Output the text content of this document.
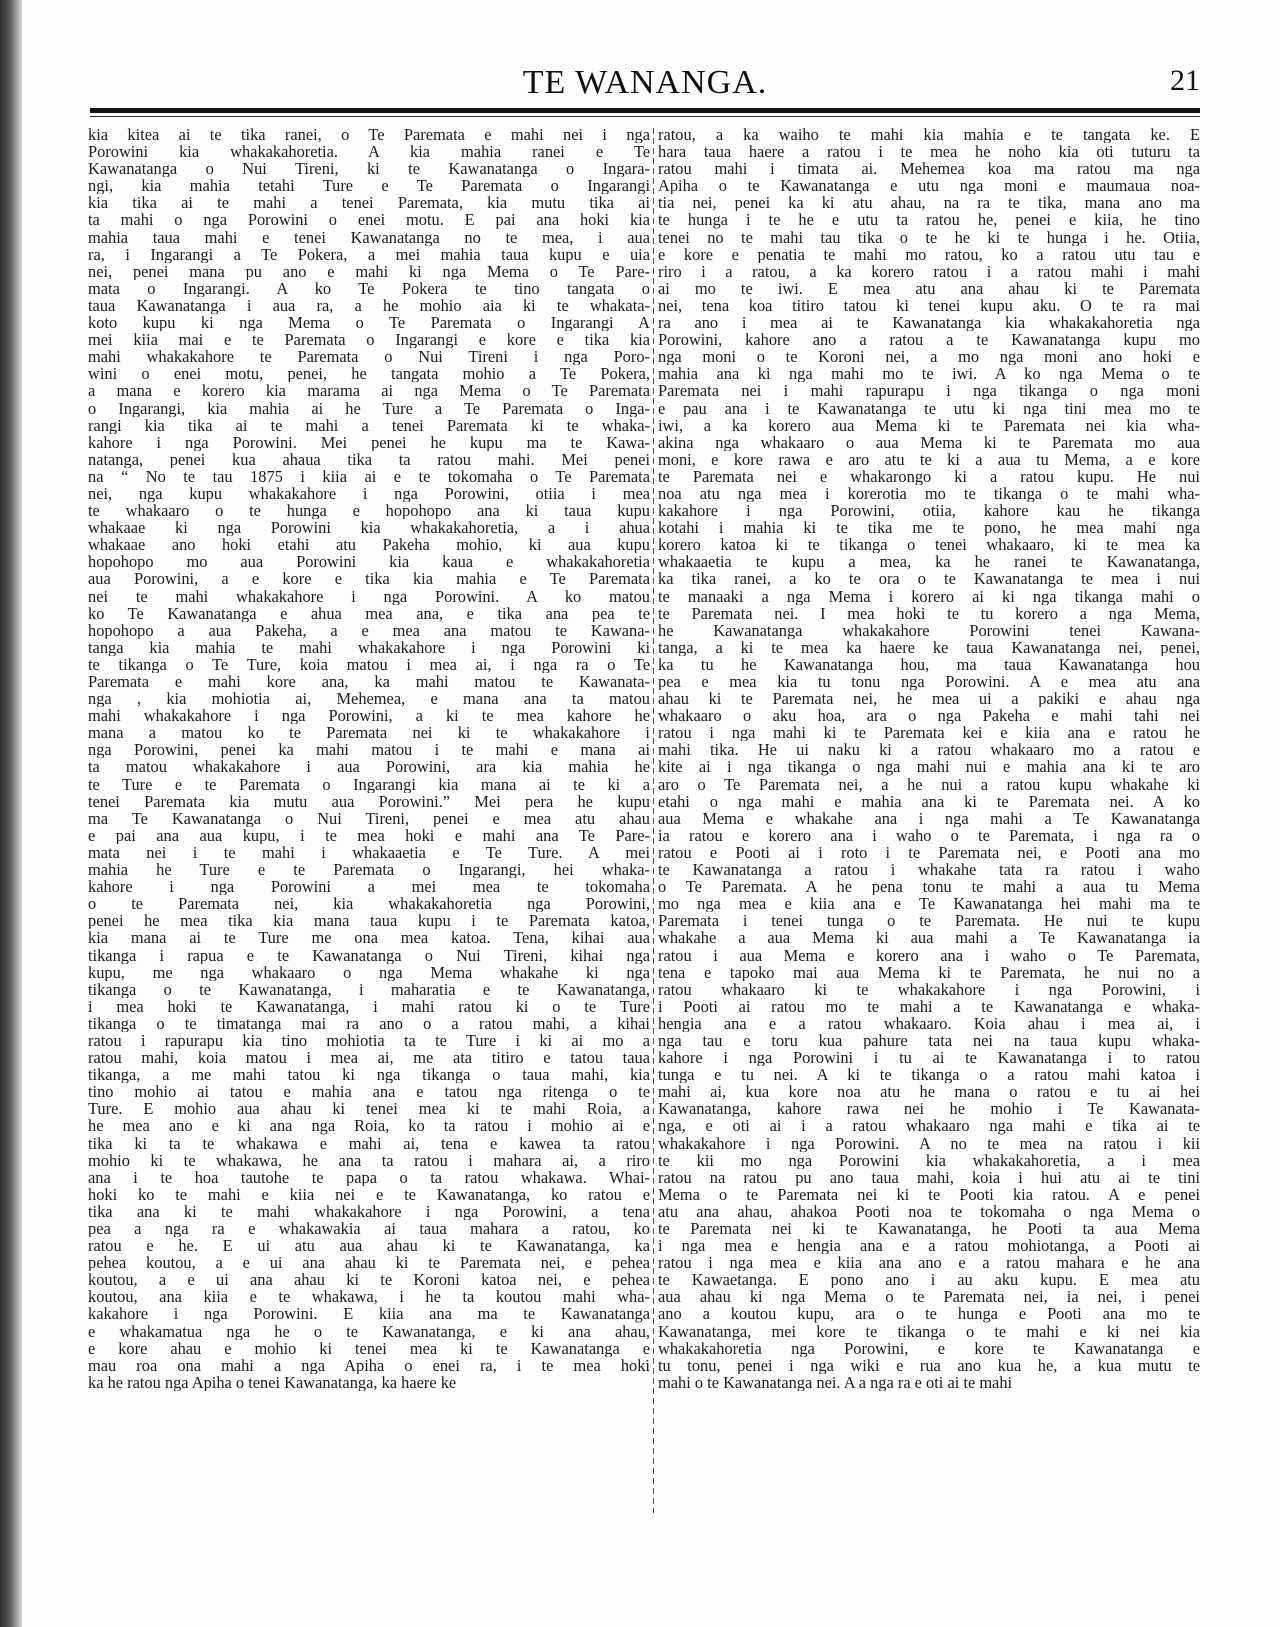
TE WANANGA.	21
kia kitea ai te tika ranei, o Te Paremata e mahi nei i nga
Porowini kia whakakahoretia. A kia mahia ranei e Te
Kawanatanga o Nui Tireni, ki te Kawanatanga o Ingara-
ngi, kia mahia tetahi Ture e Te Paremata o Ingarangi
kia tika ai te mahi a tenei Paremata, kia mutu tika ai
ta mahi o nga Porowini o enei motu. E pai ana hoki kia
mahia taua mahi e tenei Kawanatanga no te mea, i aua
ra, i Ingarangi a Te Pokera, a mei mahia taua kupu e uia
nei, penei mana pu ano e mahi ki nga Mema o Te Pare-
mata o Ingarangi. A ko Te Pokera te tino tangata o
taua Kawanatanga i aua ra, a he mohio aia ki te whakata-
koto kupu ki nga Mema o Te Paremata o Ingarangi A
mei kiia mai e te Paremata o Ingarangi e kore e tika kia
mahi whakakahore te Paremata o Nui Tireni i nga Poro-
wini o enei motu, penei, he tangata mohio a Te Pokera,
a mana e korero kia marama ai nga Mema o Te Paremata
o Ingarangi, kia mahia ai he Ture a Te Paremata o Inga-
rangi kia tika ai te mahi a tenei Paremata ki te whaka-
kahore i nga Porowini. Mei penei he kupu ma te Kawa-
natanga, penei kua ahaua tika ta ratou mahi. Mei penei
na “ No te tau 1875 i kiia ai e te tokomaha o Te Paremata
nei, nga kupu whakakahore i nga Porowini, otiia i mea
te whakaaro o te hunga e hopohopo ana ki taua kupu
whakaae ki nga Porowini kia whakakahoretia, a i ahua
whakaae ano hoki etahi atu Pakeha mohio, ki aua kupu
hopohopo mo aua Porowini kia kaua e whakakahoretia
aua Porowini, a e kore e tika kia mahia e Te Paremata
nei te mahi whakakahore i nga Porowini. A ko matou
ko Te Kawanatanga e ahua mea ana, e tika ana pea te
hopohopo a aua Pakeha, a e mea ana matou te Kawana-
tanga kia mahia te mahi whakakahore i nga Porowini ki
te tikanga o Te Ture, koia matou i mea ai, i nga ra o Te
Paremata e mahi kore ana, ka mahi matou te Kawanata-
nga , kia mohiotia ai, Mehemea, e mana ana ta matou
mahi whakakahore i nga Porowini, a ki te mea kahore he
mana a matou ko te Paremata nei ki te whakakahore i
nga Porowini, penei ka mahi matou i te mahi e mana ai
ta matou whakakahore i aua Porowini, ara kia mahia he
te Ture e te Paremata o Ingarangi kia mana ai te ki a
tenei Paremata kia mutu aua Porowini.” Mei pera he kupu
ma Te Kawanatanga o Nui Tireni, penei e mea atu ahau
e pai ana aua kupu, i te mea hoki e mahi ana Te Pare-
mata nei i te mahi i whakaaetia e Te Ture. A mei
mahia he Ture e te Paremata o Ingarangi, hei whaka-
kahore i nga Porowini a mei mea te tokomaha
o te Paremata nei, kia whakakahoretia nga Porowini,
penei he mea tika kia mana taua kupu i te Paremata katoa,
kia mana ai te Ture me ona mea katoa. Tena, kihai aua
tikanga i rapua e te Kawanatanga o Nui Tireni, kihai nga
kupu, me nga whakaaro o nga Mema whakahe ki nga
tikanga o te Kawanatanga, i maharatia e te Kawanatanga,
i mea hoki te Kawanatanga, i mahi ratou ki o te Ture
tikanga o te timatanga mai ra ano o a ratou mahi, a kihai
ratou i rapurapu kia tino mohiotia ta te Ture i ki ai mo a
ratou mahi, koia matou i mea ai, me ata titiro e tatou taua
tikanga, a me mahi tatou ki nga tikanga o taua mahi, kia
tino mohio ai tatou e mahia ana e tatou nga ritenga o te
Ture. E mohio aua ahau ki tenei mea ki te mahi Roia, a
he mea ano e ki ana nga Roia, ko ta ratou i mohio ai e
tika ki ta te whakawa e mahi ai, tena e kawea ta ratou
mohio ki te whakawa, he ana ta ratou i mahara ai, a riro
ana i te hoa tautohe te papa o ta ratou whakawa. Whai-
hoki ko te mahi e kiia nei e te Kawanatanga, ko ratou e
tika ana ki te mahi whakakahore i nga Porowini, a tena
pea a nga ra e whakawakia ai taua mahara a ratou, ko
ratou e he. E ui atu aua ahau ki te Kawanatanga, ka
pehea koutou, a e ui ana ahau ki te Paremata nei, e pehea
koutou, a e ui ana ahau ki te Koroni katoa nei, e pehea
koutou, ana kiia e te whakawa, i he ta koutou mahi wha-
kakahore i nga Porowini. E kiia ana ma te Kawanatanga
e whakamatua nga he o te Kawanatanga, e ki ana ahau,
e kore ahau e mohio ki tenei mea ki te Kawanatanga e
mau roa ona mahi a nga Apiha o enei ra, i te mea hoki
ka he ratou nga Apiha o tenei Kawanatanga, ka haere ke
ratou, a ka waiho te mahi kia mahia e te tangata ke. E
hara taua haere a ratou i te mea he noho kia oti tuturu ta
ratou mahi i timata ai. Mehemea koa ma ratou ma nga
Apiha o te Kawanatanga e utu nga moni e maumaua noa-
tia nei, penei ka ki atu ahau, na ra te tika, mana ano ma
te hunga i te he e utu ta ratou he, penei e kiia, he tino
tenei no te mahi tau tika o te he ki te hunga i he. Otiia,
e kore e penatia te mahi mo ratou, ko a ratou utu tau e
riro i a ratou, a ka korero ratou i a ratou mahi i mahi
ai mo te iwi. E mea atu ana ahau ki te Paremata
nei, tena koa titiro tatou ki tenei kupu aku. O te ra mai
ra ano i mea ai te Kawanatanga kia whakakahoretia nga
Porowini, kahore ano a ratou a te Kawanatanga kupu mo
nga moni o te Koroni nei, a mo nga moni ano hoki e
mahia ana ki nga mahi mo te iwi. A ko nga Mema o te
Paremata nei i mahi rapurapu i nga tikanga o nga moni
e pau ana i te Kawanatanga te utu ki nga tini mea mo te
iwi, a ka korero aua Mema ki te Paremata nei kia wha-
akina nga whakaaro o aua Mema ki te Paremata mo aua
moni, e kore rawa e aro atu te ki a aua tu Mema, a e kore
te Paremata nei e whakarongo ki a ratou kupu. He nui
noa atu nga mea i korerotia mo te tikanga o te mahi wha-
kakahore i nga Porowini, otiia, kahore kau he tikanga
kotahi i mahia ki te tika me te pono, he mea mahi nga
korero katoa ki te tikanga o tenei whakaaro, ki te mea ka
whakaaetia te kupu a mea, ka he ranei te Kawanatanga,
ka tika ranei, a ko te ora o te Kawanatanga te mea i nui
te manaaki a nga Mema i korero ai ki nga tikanga mahi o
te Paremata nei. I mea hoki te tu korero a nga Mema,
he Kawanatanga whakakahore Porowini tenei Kawana-
tanga, a ki te mea ka haere ke taua Kawanatanga nei, penei,
ka tu he Kawanatanga hou, ma taua Kawanatanga hou
pea e mea kia tu tonu nga Porowini. A e mea atu ana
ahau ki te Paremata nei, he mea ui a pakiki e ahau nga
whakaaro o aku hoa, ara o nga Pakeha e mahi tahi nei
ratou i nga mahi ki te Paremata kei e kiia ana e ratou he
mahi tika. He ui naku ki a ratou whakaaro mo a ratou e
kite ai i nga tikanga o nga mahi nui e mahia ana ki te aro
aro o Te Paremata nei, a he nui a ratou kupu whakahe ki
etahi o nga mahi e mahia ana ki te Paremata nei. A ko
aua Mema e whakahe ana i nga mahi a Te Kawanatanga
ia ratou e korero ana i waho o te Paremata, i nga ra o
ratou e Pooti ai i roto i te Paremata nei, e Pooti ana mo
te Kawanatanga a ratou i whakahe tata ra ratou i waho
o Te Paremata. A he pena tonu te mahi a aua tu Mema
mo nga mea e kiia ana e Te Kawanatanga hei mahi ma te
Paremata i tenei tunga o te Paremata. He nui te kupu
whakahe a aua Mema ki aua mahi a Te Kawanatanga ia
ratou i aua Mema e korero ana i waho o Te Paremata,
tena e tapoko mai aua Mema ki te Paremata, he nui no a
ratou whakaaro ki te whakakahore i nga Porowini, i
i Pooti ai ratou mo te mahi a te Kawanatanga e whaka-
hengia ana e a ratou whakaaro. Koia ahau i mea ai, i
nga tau e toru kua pahure tata nei na taua kupu whaka-
kahore i nga Porowini i tu ai te Kawanatanga i to ratou
tunga e tu nei. A ki te tikanga o a ratou mahi katoa i
mahi ai, kua kore noa atu he mana o ratou e tu ai hei
Kawanatanga, kahore rawa nei he mohio i Te Kawanata-
nga, e oti ai i a ratou whakaaro nga mahi e tika ai te
whakakahore i nga Porowini. A no te mea na ratou i kii
te kii mo nga Porowini kia whakakahoretia, a i mea
ratou na ratou pu ano taua mahi, koia i hui atu ai te tini
Mema o te Paremata nei ki te Pooti kia ratou. A e penei
atu ana ahau, ahakoa Pooti noa te tokomaha o nga Mema o
te Paremata nei ki te Kawanatanga, he Pooti ta aua Mema
i nga mea e hengia ana e a ratou mohiotanga, a Pooti ai
ratou i nga mea e kiia ana ano e a ratou mahara e he ana
te Kawaetanga. E pono ano i au aku kupu. E mea atu
aua ahau ki nga Mema o te Paremata nei, ia nei, i penei
ano a koutou kupu, ara o te hunga e Pooti ana mo te
Kawanatanga, mei kore te tikanga o te mahi e ki nei kia
whakakahoretia nga Porowini, e kore te Kawanatanga e
tu tonu, penei i nga wiki e rua ano kua he, a kua mutu te
mahi o te Kawanatanga nei. A a nga ra e oti ai te mahi
